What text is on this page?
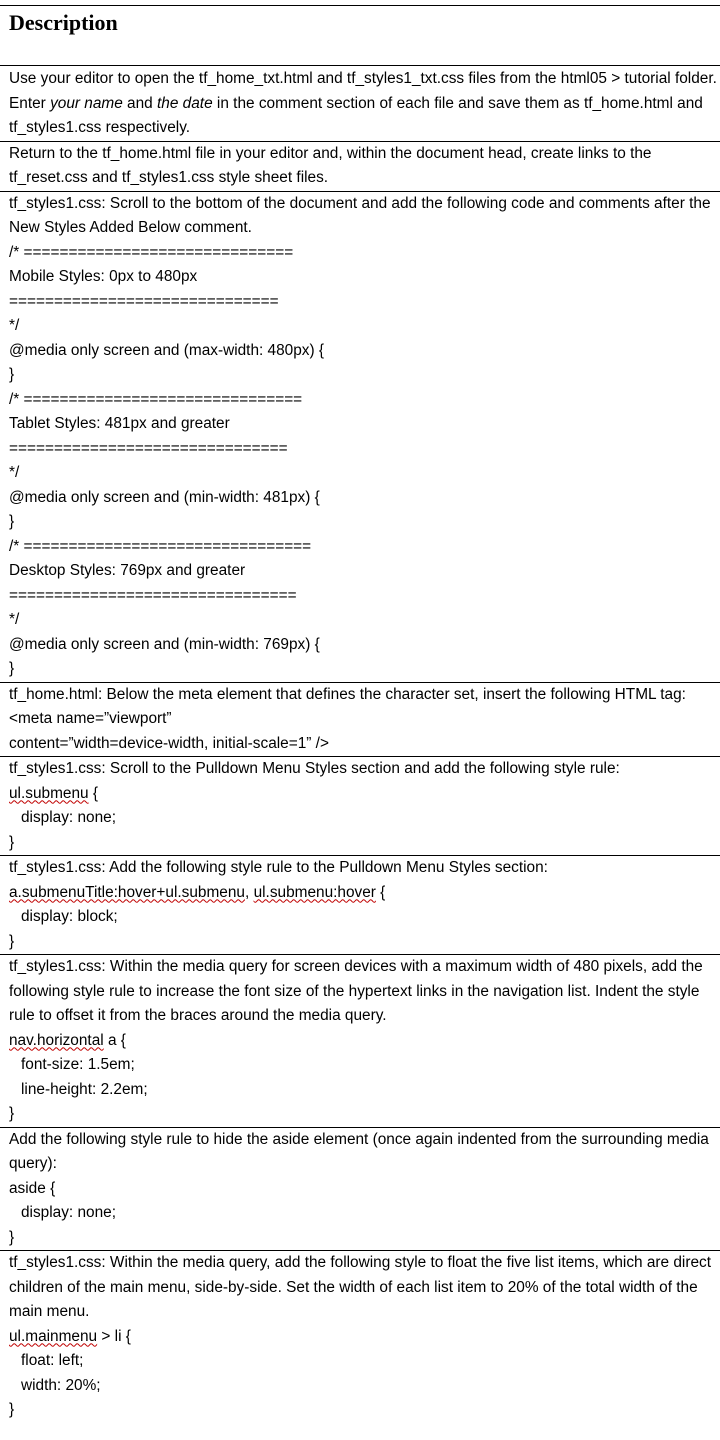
Description
Use your editor to open the tf_home_txt.html and tf_styles1_txt.css files from the html05 > tutorial folder. Enter your name and the date in the comment section of each file and save them as tf_home.html and tf_styles1.css respectively.
Return to the tf_home.html file in your editor and, within the document head, create links to the tf_reset.css and tf_styles1.css style sheet files.
tf_styles1.css: Scroll to the bottom of the document and add the following code and comments after the New Styles Added Below comment.
/* ==============================
Mobile Styles: 0px to 480px
==============================
*/
@media only screen and (max-width: 480px) {
}
/* ===============================
Tablet Styles: 481px and greater
===============================
*/
@media only screen and (min-width: 481px) {
}
/* ================================
Desktop Styles: 769px and greater
================================
*/
@media only screen and (min-width: 769px) {
}
tf_home.html: Below the meta element that defines the character set, insert the following HTML tag:
<meta name=”viewport”
content=”width=device-width, initial-scale=1” />
tf_styles1.css: Scroll to the Pulldown Menu Styles section and add the following style rule:
ul.submenu {
display: none;
}
tf_styles1.css: Add the following style rule to the Pulldown Menu Styles section:
a.submenuTitle:hover+ul.submenu, ul.submenu:hover {
display: block;
}
tf_styles1.css: Within the media query for screen devices with a maximum width of 480 pixels, add the following style rule to increase the font size of the hypertext links in the navigation list. Indent the style rule to offset it from the braces around the media query.
nav.horizontal a {
font-size: 1.5em;
line-height: 2.2em;
}
Add the following style rule to hide the aside element (once again indented from the surrounding media query):
aside {
display: none;
}
tf_styles1.css: Within the media query, add the following style to float the five list items, which are direct children of the main menu, side-by-side. Set the width of each list item to 20% of the total width of the main menu.
ul.mainmenu > li {
float: left;
width: 20%;
}
